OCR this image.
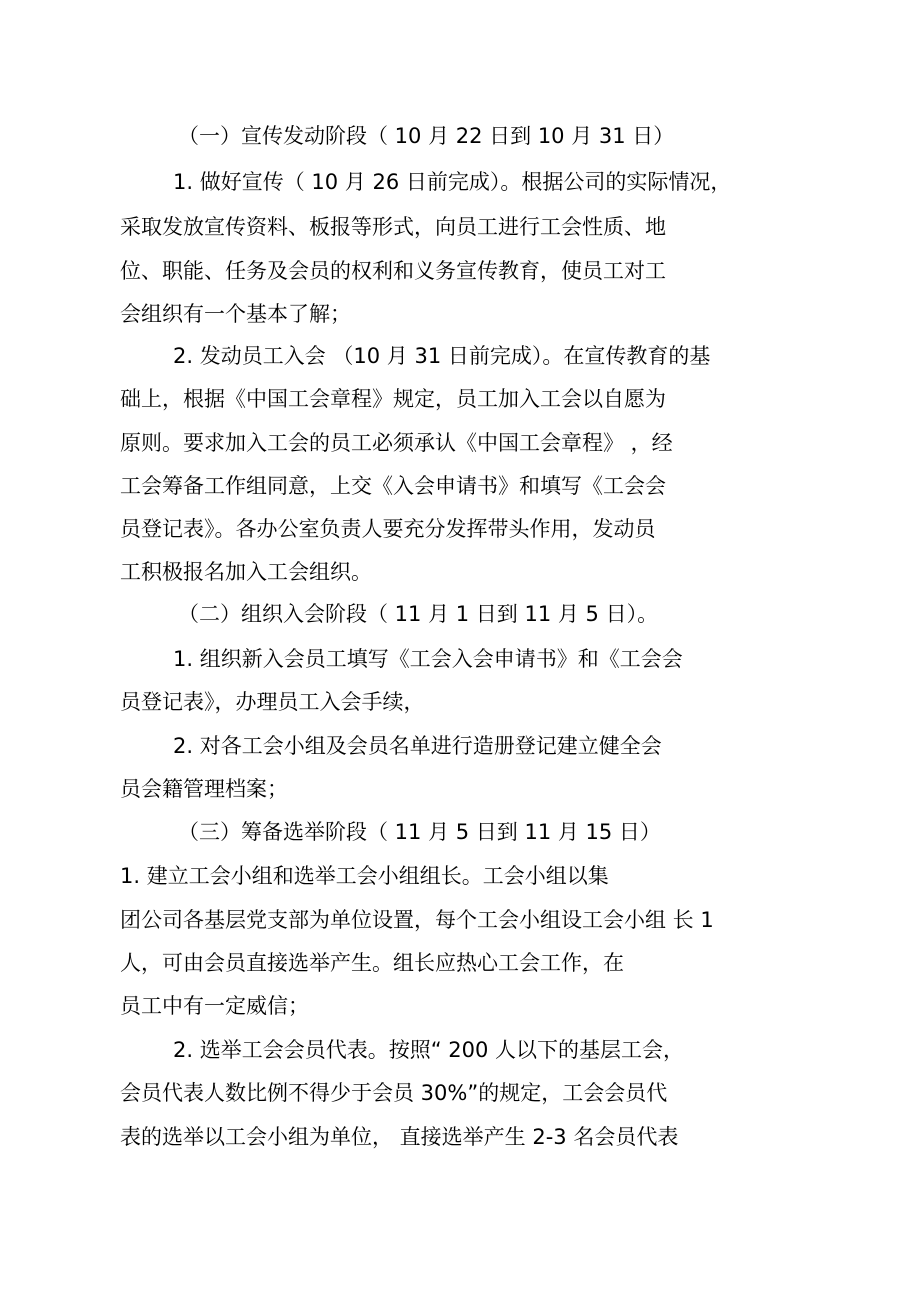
（一）宣传发动阶段（ 10 月 22 日到 10 月 31 日）

1. 做好宣传（ 10 月 26 日前完成）。根据公司的实际情况，

采取发放宣传资料、板报等形式，向员工进行工会性质、地

位、职能、任务及会员的权利和义务宣传教育，使员工对工

会组织有一个基本了解；

2. 发动员工入会 （10 月 31 日前完成）。在宣传教育的基

础上，根据《中国工会章程》规定，员工加入工会以自愿为

原则。要求加入工会的员工必须承认《中国工会章程》 ，经

工会筹备工作组同意，上交《入会申请书》和填写《工会会

员登记表》。各办公室负责人要充分发挥带头作用，发动员

工积极报名加入工会组织。

（二）组织入会阶段（ 11 月 1 日到 11 月 5 日）。

1. 组织新入会员工填写《工会入会申请书》和《工会会

员登记表》，办理员工入会手续，

2. 对各工会小组及会员名单进行造册登记建立健全会

员会籍管理档案；

（三）筹备选举阶段（ 11 月 5 日到 11 月 15 日）

1. 建立工会小组和选举工会小组组长。工会小组以集

团公司各基层党支部为单位设置，每个工会小组设工会小组 长 1

人，可由会员直接选举产生。组长应热心工会工作，在

员工中有一定威信；

2. 选举工会会员代表。按照“ 200 人以下的基层工会，

会员代表人数比例不得少于会员 30%”的规定，工会会员代

表的选举以工会小组为单位， 直接选举产生 2-3 名会员代表
